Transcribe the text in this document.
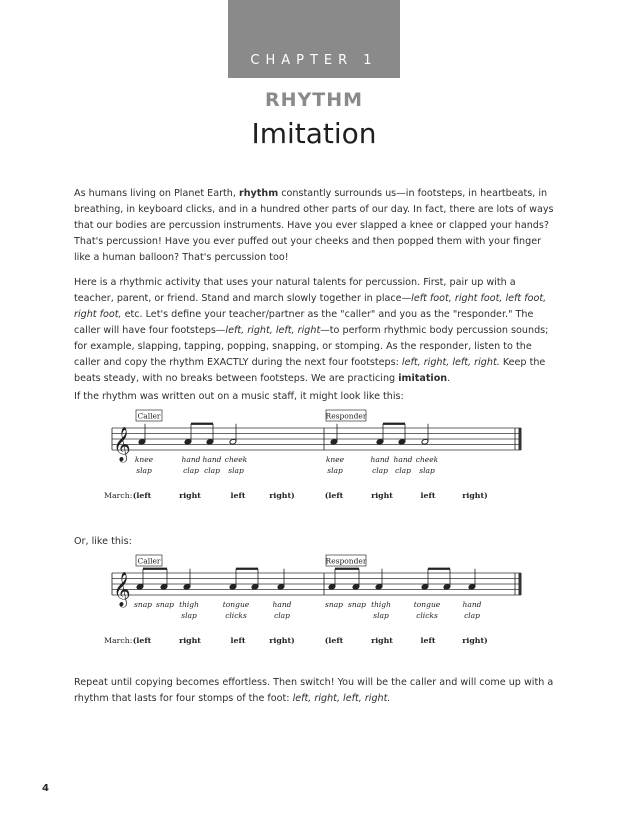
CHAPTER 1
RHYTHM
Imitation

As humans living on Planet Earth, rhythm constantly surrounds us—in footsteps, in heartbeats, in breathing, in keyboard clicks, and in a hundred other parts of our day. In fact, there are lots of ways that our bodies are percussion instruments. Have you ever slapped a knee or clapped your hands? That's percussion! Have you ever puffed out your cheeks and then popped them with your finger like a human balloon? That's percussion too!

Here is a rhythmic activity that uses your natural talents for percussion. First, pair up with a teacher, parent, or friend. Stand and march slowly together in place—left foot, right foot, left foot, right foot, etc. Let's define your teacher/partner as the "caller" and you as the "responder." The caller will have four footsteps—left, right, left, right—to perform rhythmic body percussion sounds; for example, slapping, tapping, popping, snapping, or stomping. As the responder, listen to the caller and copy the rhythm EXACTLY during the next four footsteps: left, right, left, right. Keep the beats steady, with no breaks between footsteps. We are practicing imitation.

If the rhythm was written out on a music staff, it might look like this:

𝄞
Caller	Responder
knee
slap
hand
clap
hand
clap
cheek
slap
knee
slap
hand
clap
hand
clap
cheek
slap
March: (left	right	left	right)	(left	right	left	right)

Or, like this:

𝄞
Caller	Responder
snap snap thigh
slap
tongue
clicks
hand
clap
snap snap thigh
slap
tongue
clicks
hand
clap
March: (left	right	left	right)	(left	right	left	right)

Repeat until copying becomes effortless. Then switch! You will be the caller and will come up with a rhythm that lasts for four stomps of the foot: left, right, left, right.

4
